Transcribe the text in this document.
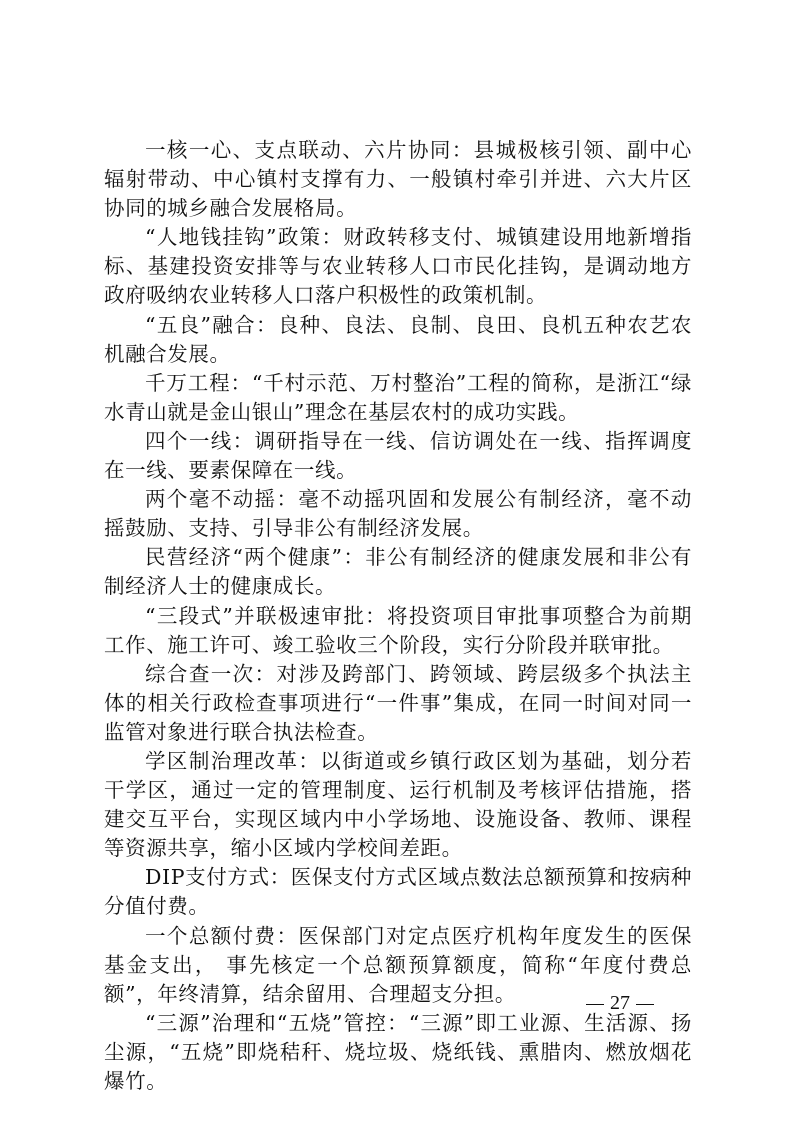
一核一心、支点联动、六片协同：县城极核引领、副中心辐射带动、中心镇村支撑有力、一般镇村牵引并进、六大片区协同的城乡融合发展格局。

“人地钱挂钩”政策：财政转移支付、城镇建设用地新增指标、基建投资安排等与农业转移人口市民化挂钩，是调动地方政府吸纳农业转移人口落户积极性的政策机制。

“五良”融合：良种、良法、良制、良田、良机五种农艺农机融合发展。

千万工程：“千村示范、万村整治”工程的简称，是浙江“绿水青山就是金山银山”理念在基层农村的成功实践。

四个一线：调研指导在一线、信访调处在一线、指挥调度在一线、要素保障在一线。

两个毫不动摇：毫不动摇巩固和发展公有制经济，毫不动摇鼓励、支持、引导非公有制经济发展。

民营经济“两个健康”：非公有制经济的健康发展和非公有制经济人士的健康成长。

“三段式”并联极速审批：将投资项目审批事项整合为前期工作、施工许可、竣工验收三个阶段，实行分阶段并联审批。

综合查一次：对涉及跨部门、跨领域、跨层级多个执法主体的相关行政检查事项进行“一件事”集成，在同一时间对同一监管对象进行联合执法检查。

学区制治理改革：以街道或乡镇行政区划为基础，划分若干学区，通过一定的管理制度、运行机制及考核评估措施，搭建交互平台，实现区域内中小学场地、设施设备、教师、课程等资源共享，缩小区域内学校间差距。

DIP支付方式：医保支付方式区域点数法总额预算和按病种分值付费。

一个总额付费：医保部门对定点医疗机构年度发生的医保基金支出， 事先核定一个总额预算额度，简称“年度付费总额”，年终清算，结余留用、合理超支分担。

“三源”治理和“五烧”管控：“三源”即工业源、生活源、扬尘源，“五烧”即烧秸秆、烧垃圾、烧纸钱、熏腊肉、燃放烟花爆竹。

27
